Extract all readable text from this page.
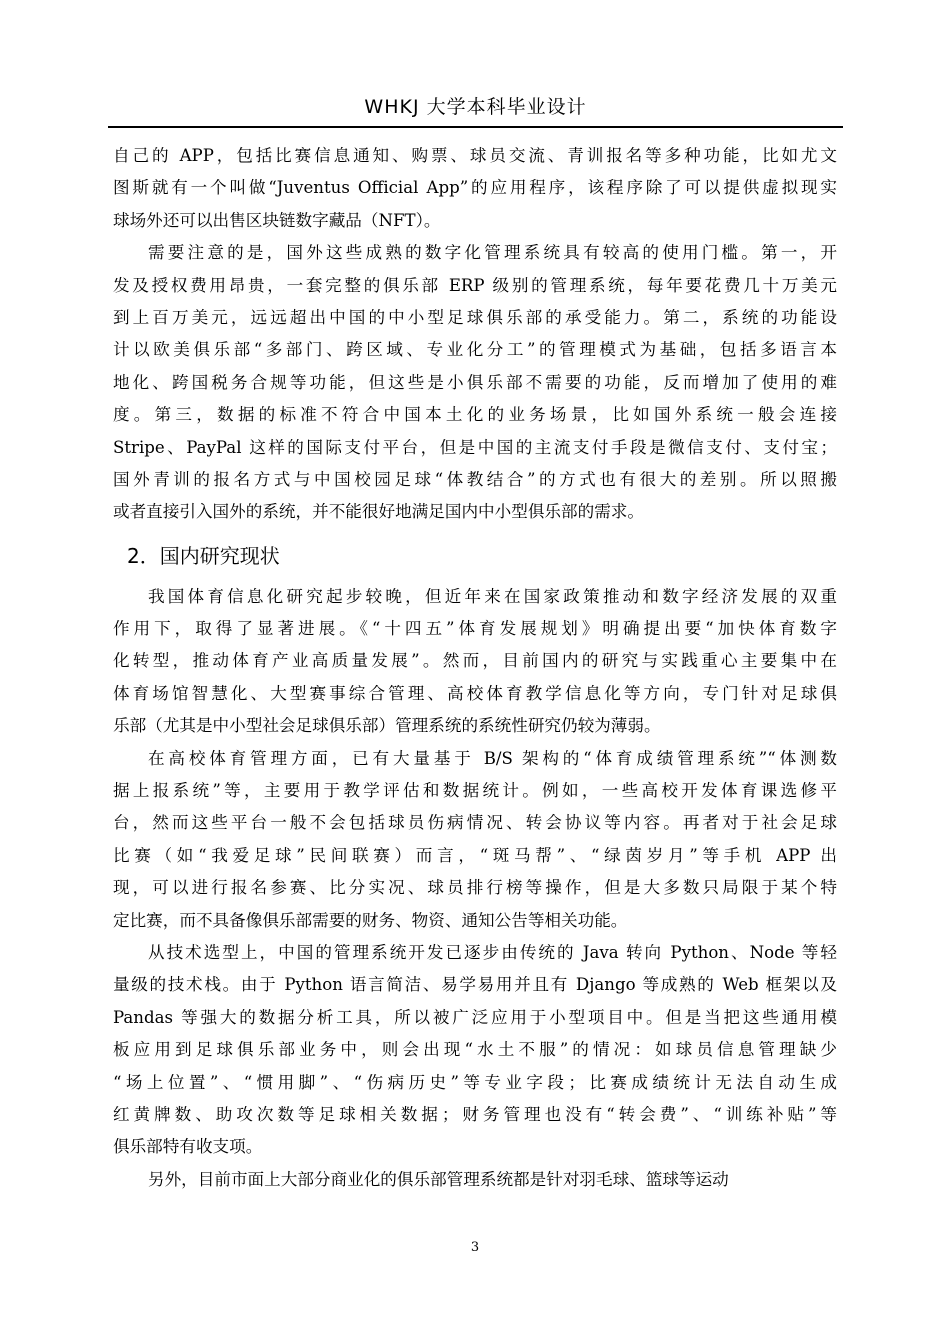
WHKJ 大学本科毕业设计
自己的 APP，包括比赛信息通知、购票、球员交流、青训报名等多种功能，比如尤文
图斯就有一个叫做“Juventus Official App”的应用程序，该程序除了可以提供虚拟现实
球场外还可以出售区块链数字藏品（NFT）。
需要注意的是，国外这些成熟的数字化管理系统具有较高的使用门槛。第一，开
发及授权费用昂贵，一套完整的俱乐部 ERP 级别的管理系统，每年要花费几十万美元
到上百万美元，远远超出中国的中小型足球俱乐部的承受能力。第二，系统的功能设
计以欧美俱乐部“多部门、跨区域、专业化分工”的管理模式为基础，包括多语言本
地化、跨国税务合规等功能，但这些是小俱乐部不需要的功能，反而增加了使用的难
度。第三，数据的标准不符合中国本土化的业务场景，比如国外系统一般会连接
Stripe、PayPal 这样的国际支付平台，但是中国的主流支付手段是微信支付、支付宝；
国外青训的报名方式与中国校园足球“体教结合”的方式也有很大的差别。所以照搬
或者直接引入国外的系统，并不能很好地满足国内中小型俱乐部的需求。
2．国内研究现状
我国体育信息化研究起步较晚，但近年来在国家政策推动和数字经济发展的双重
作用下，取得了显著进展。《“十四五”体育发展规划》明确提出要“加快体育数字
化转型，推动体育产业高质量发展”。然而，目前国内的研究与实践重心主要集中在
体育场馆智慧化、大型赛事综合管理、高校体育教学信息化等方向，专门针对足球俱
乐部（尤其是中小型社会足球俱乐部）管理系统的系统性研究仍较为薄弱。
在高校体育管理方面，已有大量基于 B/S 架构的“体育成绩管理系统”“体测数
据上报系统”等，主要用于教学评估和数据统计。例如，一些高校开发体育课选修平
台，然而这些平台一般不会包括球员伤病情况、转会协议等内容。再者对于社会足球
比赛（如“我爱足球”民间联赛）而言，“斑马帮”、“绿茵岁月”等手机 APP 出
现，可以进行报名参赛、比分实况、球员排行榜等操作，但是大多数只局限于某个特
定比赛，而不具备像俱乐部需要的财务、物资、通知公告等相关功能。
从技术选型上，中国的管理系统开发已逐步由传统的 Java 转向 Python、Node 等轻
量级的技术栈。由于 Python 语言简洁、易学易用并且有 Django 等成熟的 Web 框架以及
Pandas 等强大的数据分析工具，所以被广泛应用于小型项目中。但是当把这些通用模
板应用到足球俱乐部业务中，则会出现“水土不服”的情况：如球员信息管理缺少
“场上位置”、“惯用脚”、“伤病历史”等专业字段；比赛成绩统计无法自动生成
红黄牌数、助攻次数等足球相关数据；财务管理也没有“转会费”、“训练补贴”等
俱乐部特有收支项。
另外，目前市面上大部分商业化的俱乐部管理系统都是针对羽毛球、篮球等运动
3
